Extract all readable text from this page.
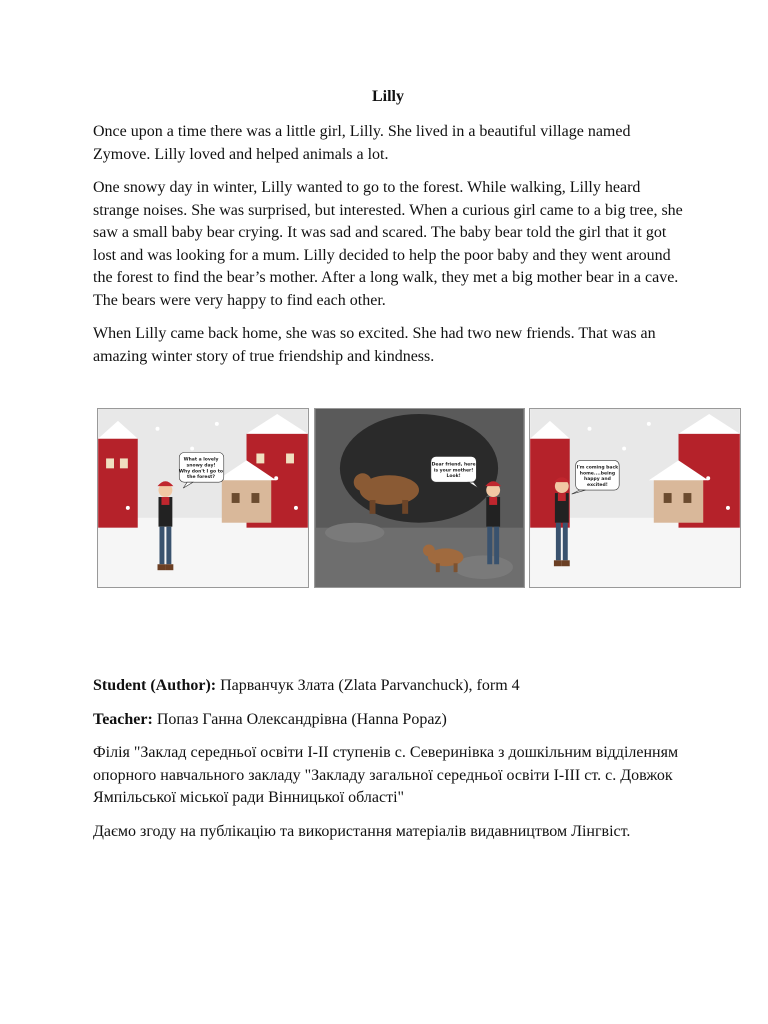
Lilly

Once upon a time there was a little girl, Lilly. She lived in a beautiful village named Zymove. Lilly loved and helped animals a lot.

One snowy day in winter, Lilly wanted to go to the forest. While walking, Lilly heard strange noises. She was surprised, but interested. When a curious girl came to a big tree, she saw a small baby bear crying. It was sad and scared. The baby bear told the girl that it got lost and was looking for a mum. Lilly decided to help the poor baby and they went around the forest to find the bear’s mother. After a long walk, they met a big mother bear in a cave. The bears were very happy to find each other.

When Lilly came back home, she was so excited. She had two new friends. That was an amazing winter story of true friendship and kindness.

What a lovely
snowy day!
Why don't I go to
the forest?
Dear friend, here
is your mother!
Look!
I'm coming back
home....being
happy and
excited!

Student (Author): Парванчук Злата (Zlata Parvanchuck), form 4

Teacher: Попаз Ганна Олександрівна (Hanna Popaz)

Філія "Заклад середньої освіти І-ІІ ступенів с. Северинівка з дошкільним відділенням опорного навчального закладу "Закладу загальної середньої освіти І-ІІІ ст. с. Довжок Ямпільської міської ради Вінницької області"

Даємо згоду на публікацію та використання матеріалів видавництвом Лінгвіст.
